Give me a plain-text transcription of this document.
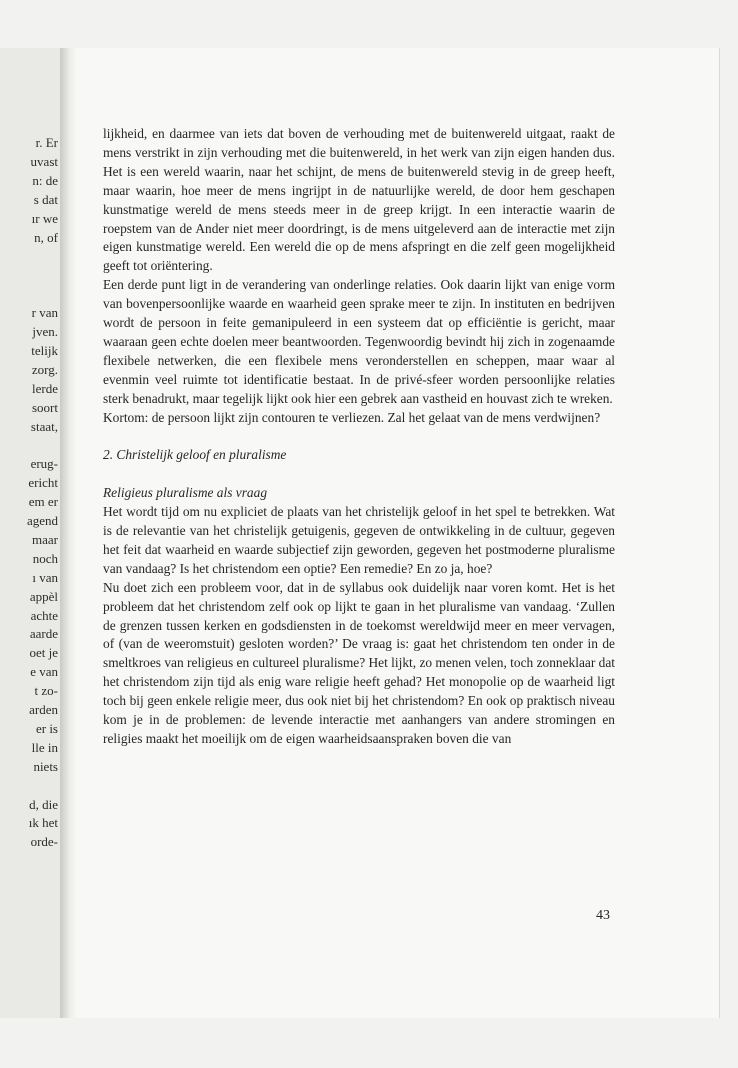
r. Er
uvast
n: de
s dat
ır we
n, of
r van
jven.
telijk
zorg.
lerde
soort
staat,
erug-
ericht
em er
agend
maar
noch
ı van
appèl
achte
aarde
oet je
e van
t zo-
arden
er is
lle in
niets
d, die
ık het
orde-

lijkheid, en daarmee van iets dat boven de verhouding met de buitenwereld uitgaat, raakt de mens verstrikt in zijn verhouding met die buitenwereld, in het werk van zijn eigen handen dus. Het is een wereld waarin, naar het schijnt, de mens de buitenwereld stevig in de greep heeft, maar waarin, hoe meer de mens ingrijpt in de natuurlijke wereld, de door hem geschapen kunstmatige wereld de mens steeds meer in de greep krijgt. In een interactie waarin de roepstem van de Ander niet meer doordringt, is de mens uitgeleverd aan de interactie met zijn eigen kunstmatige wereld. Een wereld die op de mens afspringt en die zelf geen mogelijkheid geeft tot oriëntering.

Een derde punt ligt in de verandering van onderlinge relaties. Ook daarin lijkt van enige vorm van bovenpersoonlijke waarde en waarheid geen sprake meer te zijn. In instituten en bedrijven wordt de persoon in feite gemanipuleerd in een systeem dat op efficiëntie is gericht, maar waaraan geen echte doelen meer beantwoorden. Tegenwoordig bevindt hij zich in zogenaamde flexibele netwerken, die een flexibele mens veronderstellen en scheppen, maar waar al evenmin veel ruimte tot identificatie bestaat. In de privé-sfeer worden persoonlijke relaties sterk benadrukt, maar tegelijk lijkt ook hier een gebrek aan vastheid en houvast zich te wreken.

Kortom: de persoon lijkt zijn contouren te verliezen. Zal het gelaat van de mens verdwijnen?

2. Christelijk geloof en pluralisme

Religieus pluralisme als vraag

Het wordt tijd om nu expliciet de plaats van het christelijk geloof in het spel te betrekken. Wat is de relevantie van het christelijk getuigenis, gegeven de ontwikkeling in de cultuur, gegeven het feit dat waarheid en waarde subjectief zijn geworden, gegeven het postmoderne pluralisme van vandaag? Is het christendom een optie? Een remedie? En zo ja, hoe?

Nu doet zich een probleem voor, dat in de syllabus ook duidelijk naar voren komt. Het is het probleem dat het christendom zelf ook op lijkt te gaan in het pluralisme van vandaag. ‘Zullen de grenzen tussen kerken en godsdiensten in de toekomst wereldwijd meer en meer vervagen, of (van de weeromstuit) gesloten worden?’ De vraag is: gaat het christendom ten onder in de smeltkroes van religieus en cultureel pluralisme? Het lijkt, zo menen velen, toch zonneklaar dat het christendom zijn tijd als enig ware religie heeft gehad? Het monopolie op de waarheid ligt toch bij geen enkele religie meer, dus ook niet bij het christendom? En ook op praktisch niveau kom je in de problemen: de levende interactie met aanhangers van andere stromingen en religies maakt het moeilijk om de eigen waarheidsaanspraken boven die van

43
